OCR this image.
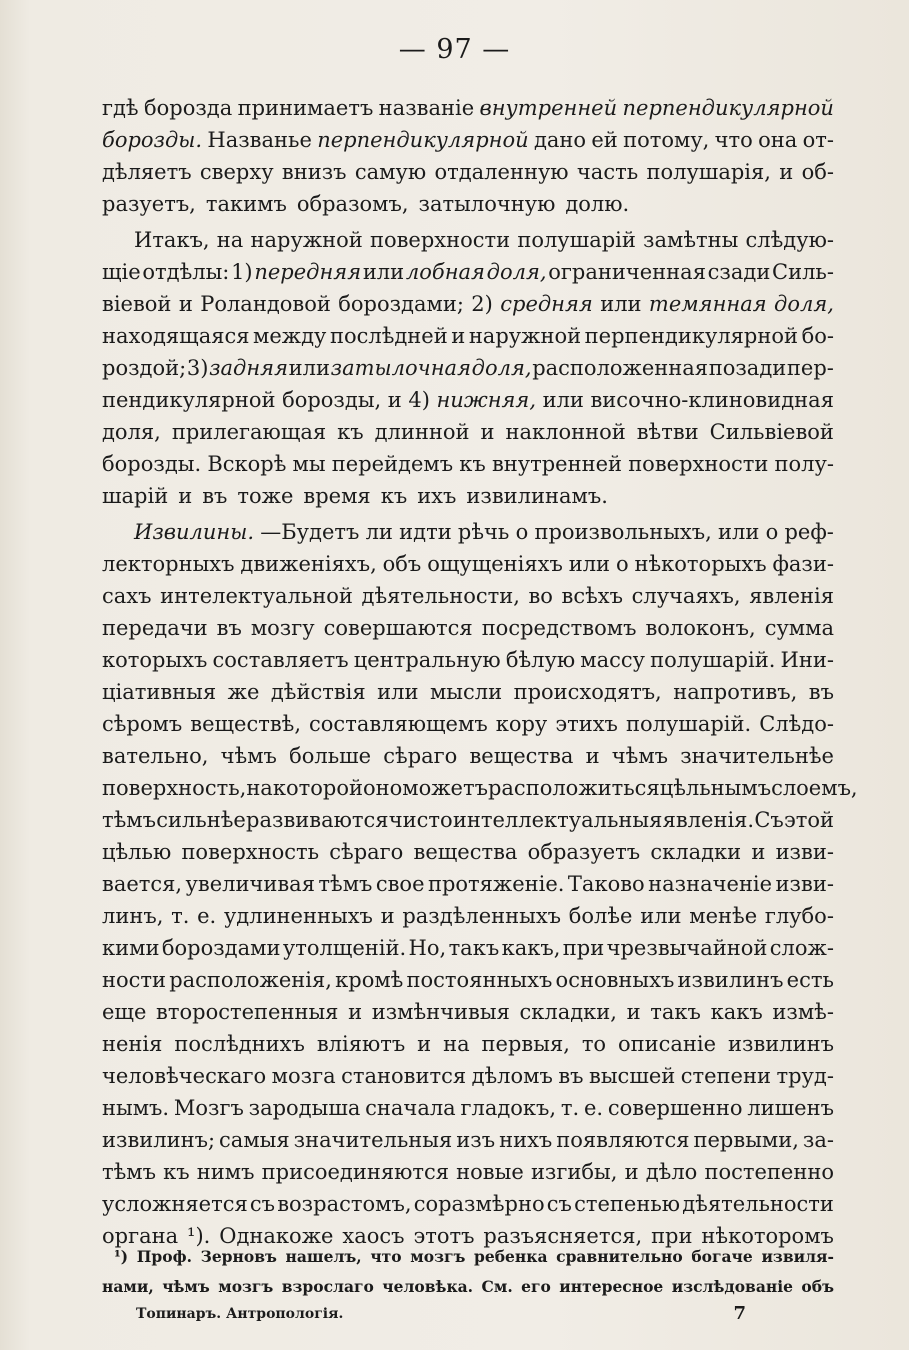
— 97 —
гдѣ борозда принимаетъ названіе внутренней перпендикулярной
борозды. Названье перпендикулярной дано ей потому, что она от-
дѣляетъ сверху внизъ самую отдаленную часть полушарія, и об-
разуетъ, такимъ образомъ, затылочную долю.
Итакъ, на наружной поверхности полушарій замѣтны слѣдую-
щіе отдѣлы: 1) передняя или лобная доля, ограниченная сзади Силь-
віевой и Роландовой бороздами; 2) средняя или темянная доля,
находящаяся между послѣдней и наружной перпендикулярной бо-
роздой; 3) задняя или затылочная доля, расположенная позади пер-
пендикулярной борозды, и 4) нижняя, или височно-клиновидная
доля, прилегающая къ длинной и наклонной вѣтви Сильвіевой
борозды. Вскорѣ мы перейдемъ къ внутренней поверхности полу-
шарій и въ тоже время къ ихъ извилинамъ.
Извилины. —Будетъ ли идти рѣчь о произвольныхъ, или о реф-
лекторныхъ движеніяхъ, объ ощущеніяхъ или о нѣкоторыхъ фази-
сахъ интелектуальной дѣятельности, во всѣхъ случаяхъ, явленія
передачи въ мозгу совершаются посредствомъ волоконъ, сумма
которыхъ составляетъ центральную бѣлую массу полушарій. Ини-
ціативныя же дѣйствія или мысли происходятъ, напротивъ, въ
сѣромъ веществѣ, составляющемъ кору этихъ полушарій. Слѣдо-
вательно, чѣмъ больше сѣраго вещества и чѣмъ значительнѣе
поверхность, на которой оно можетъ расположиться цѣльнымъ слоемъ,
тѣмъ сильнѣе развиваются чисто интеллектуальныя явленія. Съ этой
цѣлью поверхность сѣраго вещества образуетъ складки и изви-
вается, увеличивая тѣмъ свое протяженіе. Таково назначеніе изви-
линъ, т. е. удлиненныхъ и раздѣленныхъ болѣе или менѣе глубо-
кими бороздами утолщеній. Но, такъ какъ, при чрезвычайной слож-
ности расположенія, кромѣ постоянныхъ основныхъ извилинъ есть
еще второстепенныя и измѣнчивыя складки, и такъ какъ измѣ-
ненія послѣднихъ вліяютъ и на первыя, то описаніе извилинъ
человѣческаго мозга становится дѣломъ въ высшей степени труд-
нымъ. Мозгъ зародыша сначала гладокъ, т. е. совершенно лишенъ
извилинъ; самыя значительныя изъ нихъ появляются первыми, за-
тѣмъ къ нимъ присоединяются новые изгибы, и дѣло постепенно
усложняется съ возрастомъ, соразмѣрно съ степенью дѣятельности
органа ¹). Однакоже хаосъ этотъ разъясняется, при нѣкоторомъ
¹) Проф. Зерновъ нашелъ, что мозгъ ребенка сравнительно богаче извиля-
нами, чѣмъ мозгъ взрослаго человѣка. См. его интересное изслѣдованіе объ
Топинаръ. Антропологія.	7
